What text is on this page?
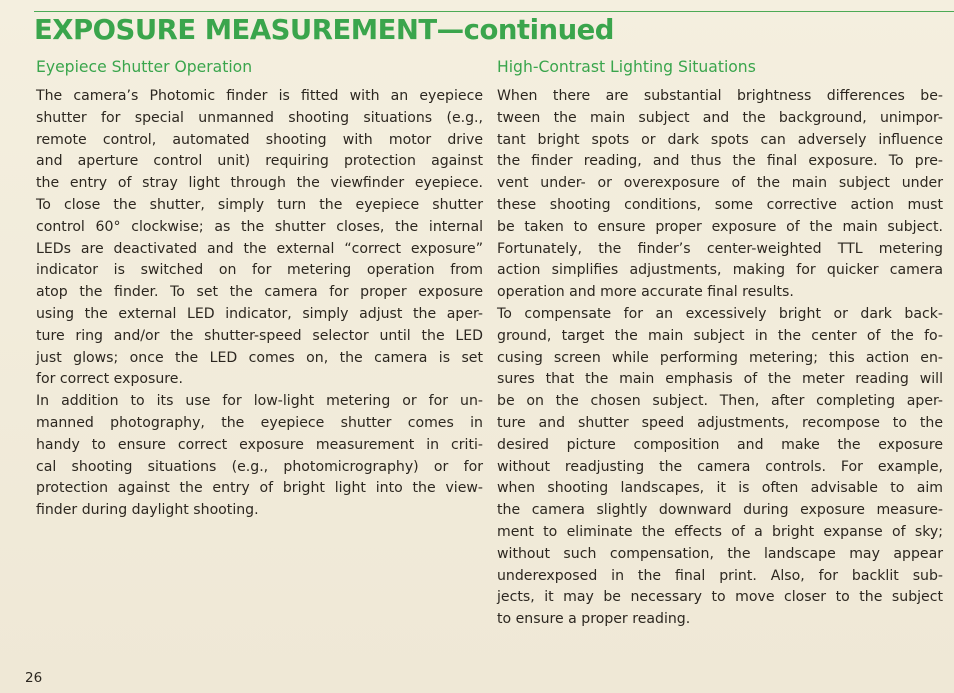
EXPOSURE MEASUREMENT—continued
Eyepiece Shutter Operation
The camera’s Photomic finder is fitted with an eyepiece
shutter for special unmanned shooting situations (e.g.,
remote control, automated shooting with motor drive
and aperture control unit) requiring protection against
the entry of stray light through the viewfinder eyepiece.
To close the shutter, simply turn the eyepiece shutter
control 60° clockwise; as the shutter closes, the internal
LEDs are deactivated and the external “correct exposure”
indicator is switched on for metering operation from
atop the finder. To set the camera for proper exposure
using the external LED indicator, simply adjust the aper-
ture ring and/or the shutter-speed selector until the LED
just glows; once the LED comes on, the camera is set
for correct exposure.
In addition to its use for low-light metering or for un-
manned photography, the eyepiece shutter comes in
handy to ensure correct exposure measurement in criti-
cal shooting situations (e.g., photomicrography) or for
protection against the entry of bright light into the view-
finder during daylight shooting.
High-Contrast Lighting Situations
When there are substantial brightness differences be-
tween the main subject and the background, unimpor-
tant bright spots or dark spots can adversely influence
the finder reading, and thus the final exposure. To pre-
vent under- or overexposure of the main subject under
these shooting conditions, some corrective action must
be taken to ensure proper exposure of the main subject.
Fortunately, the finder’s center-weighted TTL metering
action simplifies adjustments, making for quicker camera
operation and more accurate final results.
To compensate for an excessively bright or dark back-
ground, target the main subject in the center of the fo-
cusing screen while performing metering; this action en-
sures that the main emphasis of the meter reading will
be on the chosen subject. Then, after completing aper-
ture and shutter speed adjustments, recompose to the
desired picture composition and make the exposure
without readjusting the camera controls. For example,
when shooting landscapes, it is often advisable to aim
the camera slightly downward during exposure measure-
ment to eliminate the effects of a bright expanse of sky;
without such compensation, the landscape may appear
underexposed in the final print. Also, for backlit sub-
jects, it may be necessary to move closer to the subject
to ensure a proper reading.
26
